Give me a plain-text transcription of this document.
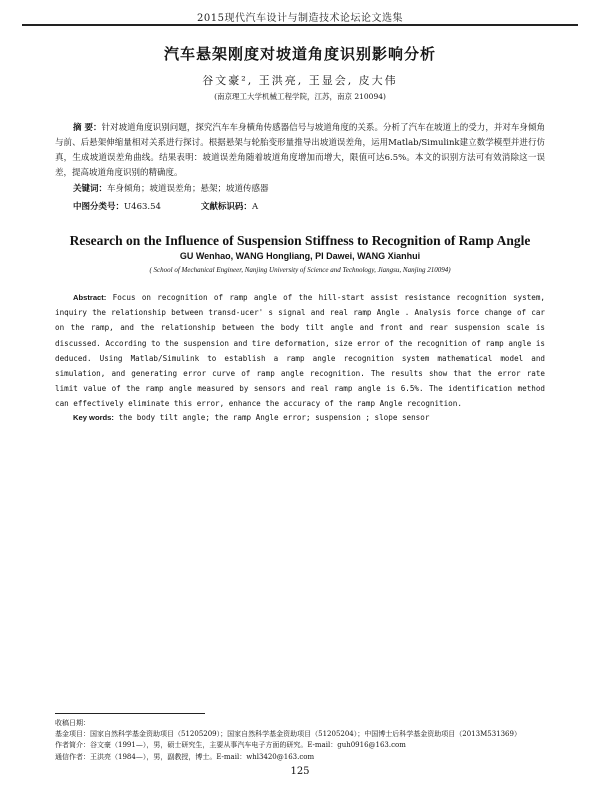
2015现代汽车设计与制造技术论坛论文选集
汽车悬架刚度对坡道角度识别影响分析
谷文豪², 王洪亮, 王显会, 皮大伟
(南京理工大学机械工程学院，江苏，南京 210094)
摘 要：针对坡道角度识别问题，探究汽车车身横角传感器信号与坡道角度的关系。分析了汽车在坡道上的受力，并对车身倾角与前、后悬架伸缩量相对关系进行探讨。根据悬架与轮胎变形量推导出坡道误差角，运用Matlab/Simulink建立数学模型并进行仿真，生成坡道误差角曲线。结果表明：坡道误差角随着坡道角度增加而增大，限值可达6.5%。本文的识别方法可有效消除这一误差，提高坡道角度识别的精确度。
关键词：车身倾角；坡道误差角；悬架；坡道传感器
中图分类号：U463.54	文献标识码：A
Research on the Influence of Suspension Stiffness to Recognition of Ramp Angle
GU Wenhao, WANG Hongliang, PI Dawei, WANG Xianhui
( School of Mechanical Engineer, Nanjing University of Science and Technology, Jiangsu, Nanjing 210094)
Abstract: Focus on recognition of ramp angle of the hill-start assist resistance recognition system, inquiry the relationship between transd-ucer' s signal and real ramp Angle . Analysis force change of car on the ramp, and the relationship between the body tilt angle and front and rear suspension scale is discussed. According to the suspension and tire deformation, size error of the recognition of ramp angle is deduced. Using Matlab/Simulink to establish a ramp angle recognition system mathematical model and simulation, and generating error curve of ramp angle recognition. The results show that the error rate limit value of the ramp angle measured by sensors and real ramp angle is 6.5%. The identification method can effectively eliminate this error, enhance the accuracy of the ramp Angle recognition.
Key words: the body tilt angle; the ramp Angle error; suspension ; slope sensor
收稿日期：
基金项目：国家自然科学基金资助项目（51205209）；国家自然科学基金资助项目（51205204）；中国博士后科学基金资助项目（2013M531369）
作者简介：谷文豪（1991—），男，硕士研究生，主要从事汽车电子方面的研究。E-mail：guh0916@163.com
通信作者：王洪亮（1984—），男，副教授，博士。E-mail：whl3420@163.com
125
